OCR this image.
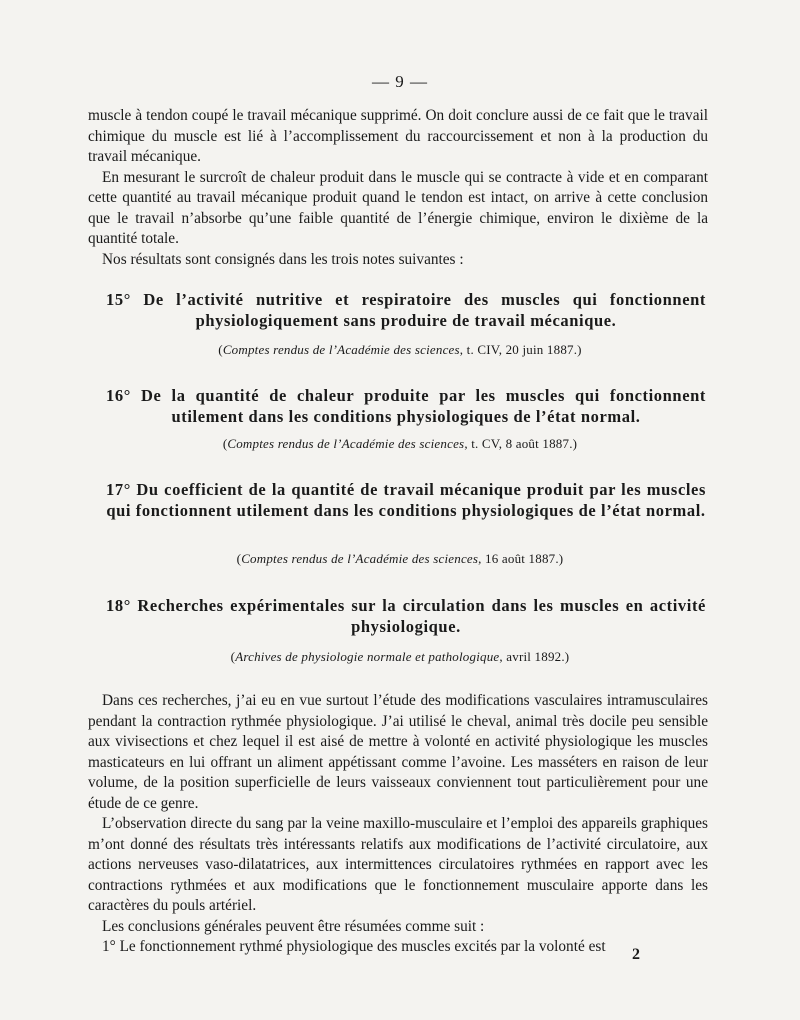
— 9 —

muscle à tendon coupé le travail mécanique supprimé. On doit conclure aussi de ce fait que le travail chimique du muscle est lié à l’accomplissement du raccourcissement et non à la production du travail mécanique.

En mesurant le surcroît de chaleur produit dans le muscle qui se contracte à vide et en comparant cette quantité au travail mécanique produit quand le tendon est intact, on arrive à cette conclusion que le travail n’absorbe qu’une faible quantité de l’énergie chimique, environ le dixième de la quantité totale.

Nos résultats sont consignés dans les trois notes suivantes :

15° De l’activité nutritive et respiratoire des muscles qui fonctionnent physiologiquement sans produire de travail mécanique.
(Comptes rendus de l’Académie des sciences, t. CIV, 20 juin 1887.)
16° De la quantité de chaleur produite par les muscles qui fonctionnent utilement dans les conditions physiologiques de l’état normal.
(Comptes rendus de l’Académie des sciences, t. CV, 8 août 1887.)
17° Du coefficient de la quantité de travail mécanique produit par les muscles qui fonctionnent utilement dans les conditions physiologiques de l’état normal.
(Comptes rendus de l’Académie des sciences, 16 août 1887.)
18° Recherches expérimentales sur la circulation dans les muscles en activité physiologique.
(Archives de physiologie normale et pathologique, avril 1892.)

Dans ces recherches, j’ai eu en vue surtout l’étude des modifications vasculaires intramusculaires pendant la contraction rythmée physiologique. J’ai utilisé le cheval, animal très docile peu sensible aux vivisections et chez lequel il est aisé de mettre à volonté en activité physiologique les muscles masticateurs en lui offrant un aliment appétissant comme l’avoine. Les masséters en raison de leur volume, de la position superficielle de leurs vaisseaux conviennent tout particulièrement pour une étude de ce genre.

L’observation directe du sang par la veine maxillo-musculaire et l’emploi des appareils graphiques m’ont donné des résultats très intéressants relatifs aux modifications de l’activité circulatoire, aux actions nerveuses vaso-dilatatrices, aux intermittences circulatoires rythmées en rapport avec les contractions rythmées et aux modifications que le fonctionnement musculaire apporte dans les caractères du pouls artériel.

Les conclusions générales peuvent être résumées comme suit :

1° Le fonctionnement rythmé physiologique des muscles excités par la volonté est	2
